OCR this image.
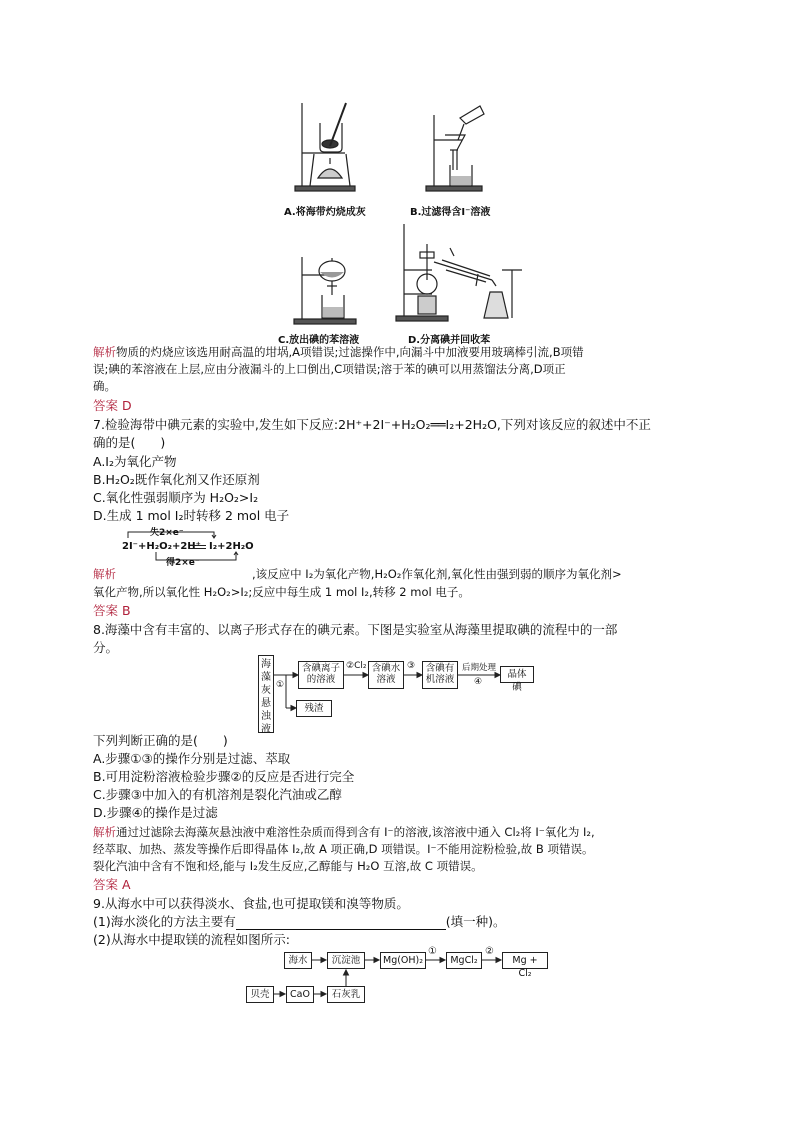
A.将海带灼烧成灰	B.过滤得含I⁻溶液
C.放出碘的苯溶液	D.分离碘并回收苯
解析物质的灼烧应该选用耐高温的坩埚,A项错误;过滤操作中,向漏斗中加液要用玻璃棒引流,B项错
误;碘的苯溶液在上层,应由分液漏斗的上口倒出,C项错误;溶于苯的碘可以用蒸馏法分离,D项正
确。
答案 D
7.检验海带中碘元素的实验中,发生如下反应:2H⁺+2I⁻+H₂O₂══I₂+2H₂O,下列对该反应的叙述中不正
确的是(　　)
A.I₂为氧化产物
B.H₂O₂既作氧化剂又作还原剂
C.氧化性强弱顺序为 H₂O₂>I₂
D.生成 1 mol I₂时转移 2 mol 电子
失2×e⁻
2I⁻+H₂O₂+2H⁺ I₂+2H₂O
得2×e⁻
解析	,该反应中 I₂为氧化产物,H₂O₂作氧化剂,氧化性由强到弱的顺序为氧化剂>
氧化产物,所以氧化性 H₂O₂>I₂;反应中每生成 1 mol I₂,转移 2 mol 电子。
答案 B
8.海藻中含有丰富的、以离子形式存在的碘元素。下图是实验室从海藻里提取碘的流程中的一部
分。
海藻灰悬浊液
含碘离子的溶液
含碘水溶液
含碘有机溶液	晶体碘
残渣
①
②Cl₂	③	后期处理
④
下列判断正确的是(　　)
A.步骤①③的操作分别是过滤、萃取
B.可用淀粉溶液检验步骤②的反应是否进行完全
C.步骤③中加入的有机溶剂是裂化汽油或乙醇
D.步骤④的操作是过滤
解析通过过滤除去海藻灰悬浊液中难溶性杂质而得到含有 I⁻的溶液,该溶液中通入 Cl₂将 I⁻氧化为 I₂,
经萃取、加热、蒸发等操作后即得晶体 I₂,故 A 项正确,D 项错误。I⁻不能用淀粉检验,故 B 项错误。
裂化汽油中含有不饱和烃,能与 I₂发生反应,乙醇能与 H₂O 互溶,故 C 项错误。
答案 A
9.从海水中可以获得淡水、食盐,也可提取镁和溴等物质。
(1)海水淡化的方法主要有	(填一种)。
(2)从海水中提取镁的流程如图所示:
海水	沉淀池	Mg(OH)₂	MgCl₂	Mg + Cl₂
贝壳	CaO	石灰乳
①	②
